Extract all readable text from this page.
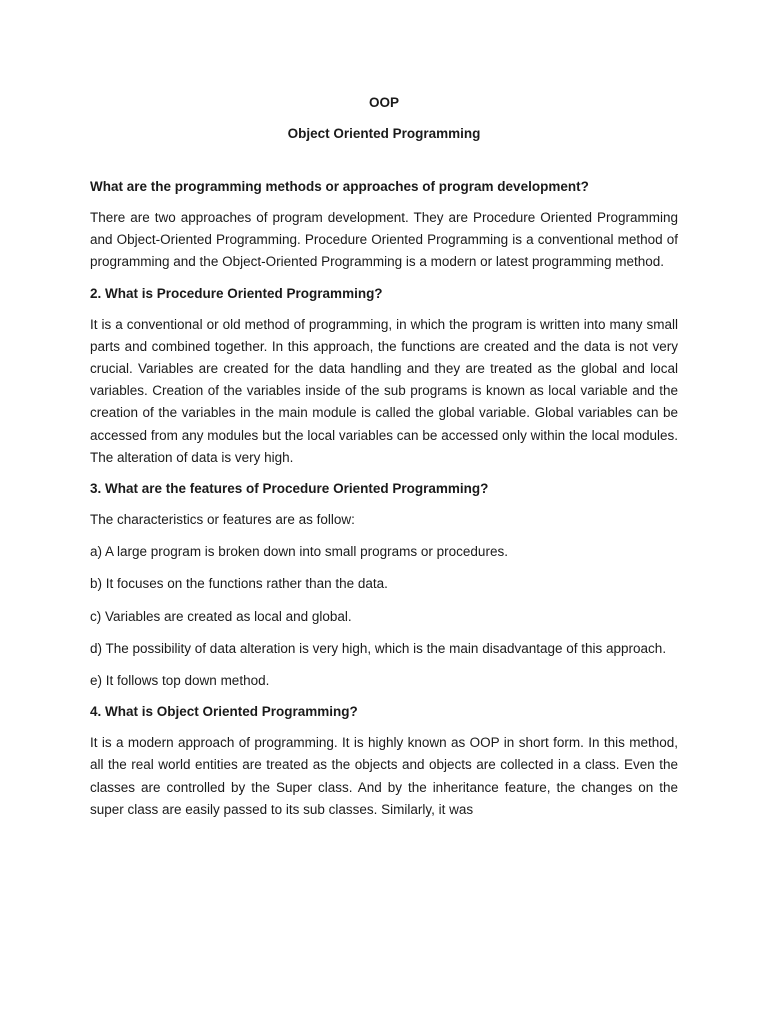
OOP

Object Oriented Programming

What are the programming methods or approaches of program development?

There are two approaches of program development. They are Procedure Oriented Programming and Object-Oriented Programming. Procedure Oriented Programming is a conventional method of programming and the Object-Oriented Programming is a modern or latest programming method.

2. What is Procedure Oriented Programming?

It is a conventional or old method of programming, in which the program is written into many small parts and combined together. In this approach, the functions are created and the data is not very crucial. Variables are created for the data handling and they are treated as the global and local variables. Creation of the variables inside of the sub programs is known as local variable and the creation of the variables in the main module is called the global variable. Global variables can be accessed from any modules but the local variables can be accessed only within the local modules. The alteration of data is very high.

3. What are the features of Procedure Oriented Programming?

The characteristics or features are as follow:

a) A large program is broken down into small programs or procedures.

b) It focuses on the functions rather than the data.

c) Variables are created as local and global.

d) The possibility of data alteration is very high, which is the main disadvantage of this approach.

e) It follows top down method.

4. What is Object Oriented Programming?

It is a modern approach of programming. It is highly known as OOP in short form. In this method, all the real world entities are treated as the objects and objects are collected in a class. Even the classes are controlled by the Super class. And by the inheritance feature, the changes on the super class are easily passed to its sub classes. Similarly, it was
